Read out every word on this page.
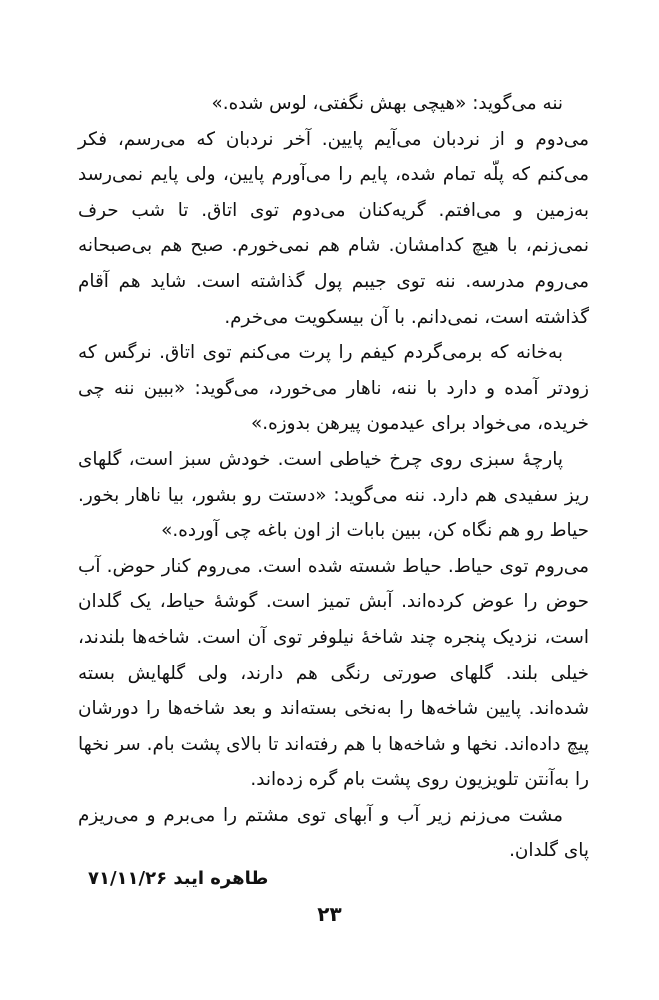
ننه می‌گوید: «هیچی بهش نگفتی، لوس شده.»

می‌دوم و از نردبان می‌آیم پایین. آخر نردبان که می‌رسم، فکر می‌کنم که پلّه تمام شده، پایم را می‌آورم پایین، ولی پایم نمی‌رسد به‌زمین و می‌افتم. گریه‌کنان می‌دوم توی اتاق. تا شب حرف نمی‌زنم، با هیچ کدامشان. شام هم نمی‌خورم. صبح هم بی‌صبحانه می‌روم مدرسه. ننه توی جیبم پول گذاشته است. شاید هم آقام گذاشته است، نمی‌دانم. با آن بیسکویت می‌خرم.

به‌خانه که برمی‌گردم کیفم را پرت می‌کنم توی اتاق. نرگس که زودتر آمده و دارد با ننه، ناهار می‌خورد، می‌گوید: «ببین ننه چی خریده، می‌خواد برای عیدمون پیرهن بدوزه.»

پارچهٔ سبزی روی چرخ خیاطی است. خودش سبز است، گلهای ریز سفیدی هم دارد. ننه می‌گوید: «دستت رو بشور، بیا ناهار بخور. حیاط رو هم نگاه کن، ببین بابات از اون باغه چی آورده.»

می‌روم توی حیاط. حیاط شسته شده است. می‌روم کنار حوض. آب حوض را عوض کرده‌اند. آبش تمیز است. گوشهٔ حیاط، یک گلدان است، نزدیک پنجره چند شاخهٔ نیلوفر توی آن است. شاخه‌ها بلندند، خیلی بلند. گلهای صورتی رنگی هم دارند، ولی گلهایش بسته شده‌اند. پایین شاخه‌ها را به‌نخی بسته‌اند و بعد شاخه‌ها را دورشان پیچ داده‌اند. نخها و شاخه‌ها با هم رفته‌اند تا بالای پشت بام. سر نخها را به‌آنتن تلویزیون روی پشت بام گره زده‌اند.

مشت می‌زنم زیر آب و آبهای توی مشتم را می‌برم و می‌ریزم پای گلدان.

طاهره ایبد ۷۱/۱۱/۲۶
۲۳
